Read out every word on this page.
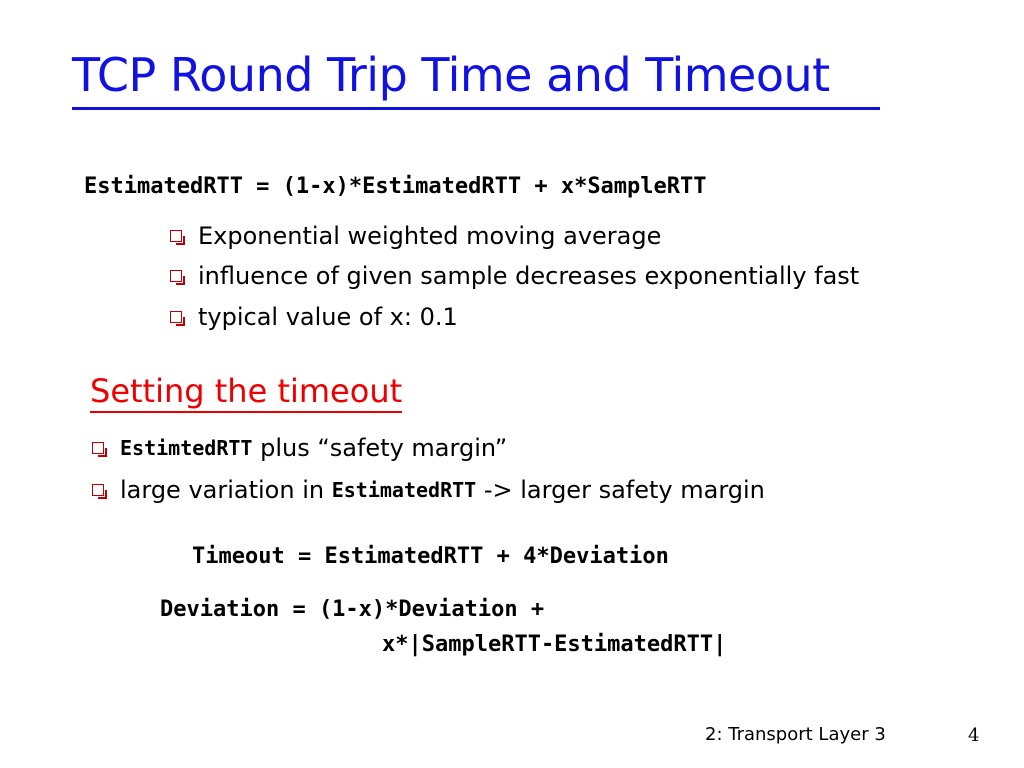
TCP Round Trip Time and Timeout
EstimatedRTT = (1-x)*EstimatedRTT + x*SampleRTT
Exponential weighted moving average
influence of given sample decreases exponentially fast
typical value of x: 0.1
Setting the timeout
EstimtedRTT plus “safety margin”
large variation in EstimatedRTT -> larger safety margin
Timeout = EstimatedRTT + 4*Deviation
Deviation = (1-x)*Deviation +
x*|SampleRTT-EstimatedRTT|
2: Transport Layer 3	4
